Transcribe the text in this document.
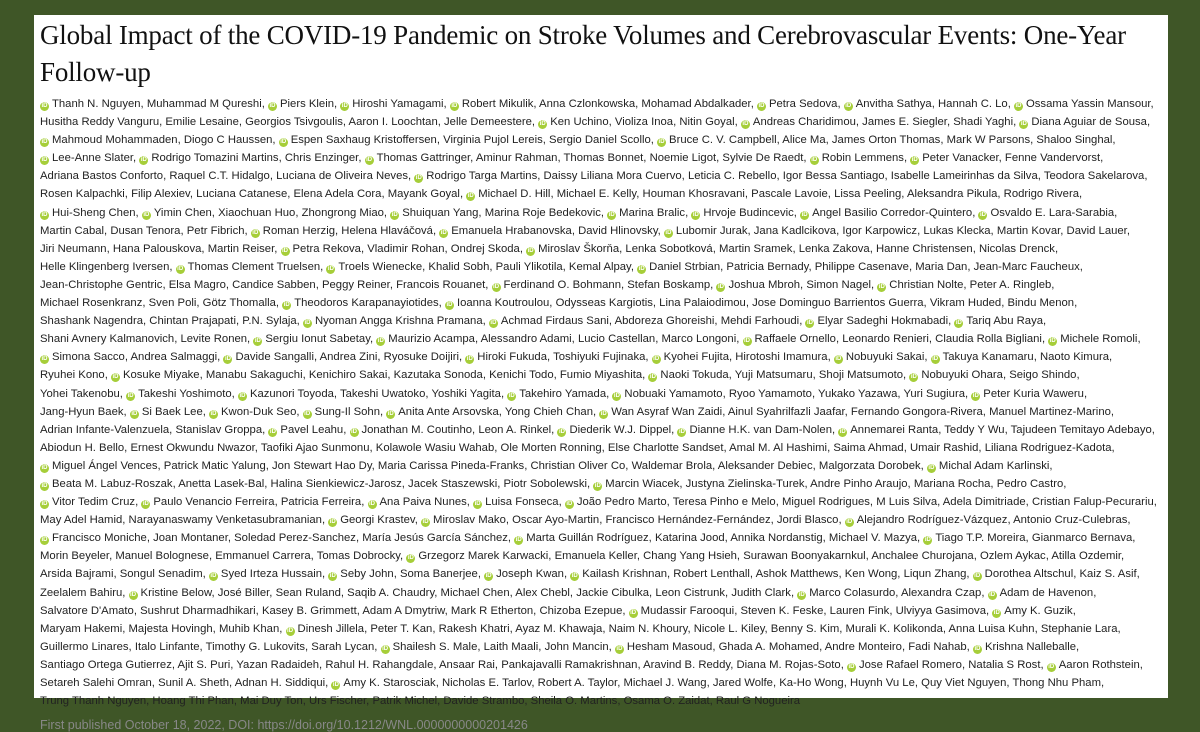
Global Impact of the COVID-19 Pandemic on Stroke Volumes and Cerebrovascular Events: One-Year Follow-up

iD Thanh N. Nguyen, Muhammad M Qureshi, iD Piers Klein, iD Hiroshi Yamagami, iD Robert Mikulik, Anna Czlonkowska, Mohamad Abdalkader, iD Petra Sedova, iD Anvitha Sathya, Hannah C. Lo, iD Ossama Yassin Mansour, Husitha Reddy Vanguru, Emilie Lesaine, Georgios Tsivgoulis, Aaron I. Loochtan, Jelle Demeestere, iD Ken Uchino, Violiza Inoa, Nitin Goyal, iD Andreas Charidimou, James E. Siegler, Shadi Yaghi, iD Diana Aguiar de Sousa, iD Mahmoud Mohammaden, Diogo C Haussen, iD Espen Saxhaug Kristoffersen, Virginia Pujol Lereis, Sergio Daniel Scollo, iD Bruce C. V. Campbell, Alice Ma, James Orton Thomas, Mark W Parsons, Shaloo Singhal, iD Lee-Anne Slater, iD Rodrigo Tomazini Martins, Chris Enzinger, iD Thomas Gattringer, Aminur Rahman, Thomas Bonnet, Noemie Ligot, Sylvie De Raedt, iD Robin Lemmens, iD Peter Vanacker, Fenne Vandervorst, Adriana Bastos Conforto, Raquel C.T. Hidalgo, Luciana de Oliveira Neves, iD Rodrigo Targa Martins, Daissy Liliana Mora Cuervo, Leticia C. Rebello, Igor Bessa Santiago, Isabelle Lameirinhas da Silva, Teodora Sakelarova, Rosen Kalpachki, Filip Alexiev, Luciana Catanese, Elena Adela Cora, Mayank Goyal, iD Michael D. Hill, Michael E. Kelly, Houman Khosravani, Pascale Lavoie, Lissa Peeling, Aleksandra Pikula, Rodrigo Rivera, iD Hui-Sheng Chen, iD Yimin Chen, Xiaochuan Huo, Zhongrong Miao, iD Shuiquan Yang, Marina Roje Bedekovic, iD Marina Bralic, iD Hrvoje Budincevic, iD Angel Basilio Corredor-Quintero, iD Osvaldo E. Lara-Sarabia, Martin Cabal, Dusan Tenora, Petr Fibrich, iD Roman Herzig, Helena Hlaváčová, iD Emanuela Hrabanovska, David Hlinovsky, iD Lubomir Jurak, Jana Kadlcikova, Igor Karpowicz, Lukas Klecka, Martin Kovar, David Lauer, Jiri Neumann, Hana Palouskova, Martin Reiser, iD Petra Rekova, Vladimir Rohan, Ondrej Skoda, iD Miroslav Škorňa, Lenka Sobotková, Martin Sramek, Lenka Zakova, Hanne Christensen, Nicolas Drenck, Helle Klingenberg Iversen, iD Thomas Clement Truelsen, iD Troels Wienecke, Khalid Sobh, Pauli Ylikotila, Kemal Alpay, iD Daniel Strbian, Patricia Bernady, Philippe Casenave, Maria Dan, Jean-Marc Faucheux, Jean-Christophe Gentric, Elsa Magro, Candice Sabben, Peggy Reiner, Francois Rouanet, iD Ferdinand O. Bohmann, Stefan Boskamp, iD Joshua Mbroh, Simon Nagel, iD Christian Nolte, Peter A. Ringleb, Michael Rosenkranz, Sven Poli, Götz Thomalla, iD Theodoros Karapanayiotides, iD Ioanna Koutroulou, Odysseas Kargiotis, Lina Palaiodimou, Jose Dominguo Barrientos Guerra, Vikram Huded, Bindu Menon, Shashank Nagendra, Chintan Prajapati, P.N. Sylaja, iD Nyoman Angga Krishna Pramana, iD Achmad Firdaus Sani, Abdoreza Ghoreishi, Mehdi Farhoudi, iD Elyar Sadeghi Hokmabadi, iD Tariq Abu Raya, Shani Avnery Kalmanovich, Levite Ronen, iD Sergiu Ionut Sabetay, iD Maurizio Acampa, Alessandro Adami, Lucio Castellan, Marco Longoni, iD Raffaele Ornello, Leonardo Renieri, Claudia Rolla Bigliani, iD Michele Romoli, iD Simona Sacco, Andrea Salmaggi, iD Davide Sangalli, Andrea Zini, Ryosuke Doijiri, iD Hiroki Fukuda, Toshiyuki Fujinaka, iD Kyohei Fujita, Hirotoshi Imamura, iD Nobuyuki Sakai, iD Takuya Kanamaru, Naoto Kimura, Ryuhei Kono, iD Kosuke Miyake, Manabu Sakaguchi, Kenichiro Sakai, Kazutaka Sonoda, Kenichi Todo, Fumio Miyashita, iD Naoki Tokuda, Yuji Matsumaru, Shoji Matsumoto, iD Nobuyuki Ohara, Seigo Shindo, Yohei Takenobu, iD Takeshi Yoshimoto, iD Kazunori Toyoda, Takeshi Uwatoko, Yoshiki Yagita, iD Takehiro Yamada, iD Nobuaki Yamamoto, Ryoo Yamamoto, Yukako Yazawa, Yuri Sugiura, iD Peter Kuria Waweru, Jang-Hyun Baek, iD Si Baek Lee, iD Kwon-Duk Seo, iD Sung-Il Sohn, iD Anita Ante Arsovska, Yong Chieh Chan, iD Wan Asyraf Wan Zaidi, Ainul Syahrilfazli Jaafar, Fernando Gongora-Rivera, Manuel Martinez-Marino, Adrian Infante-Valenzuela, Stanislav Groppa, iD Pavel Leahu, iD Jonathan M. Coutinho, Leon A. Rinkel, iD Diederik W.J. Dippel, iD Dianne H.K. van Dam-Nolen, iD Annemarei Ranta, Teddy Y Wu, Tajudeen Temitayo Adebayo, Abiodun H. Bello, Ernest Okwundu Nwazor, Taofiki Ajao Sunmonu, Kolawole Wasiu Wahab, Ole Morten Ronning, Else Charlotte Sandset, Amal M. Al Hashimi, Saima Ahmad, Umair Rashid, Liliana Rodriguez-Kadota, iD Miguel Ángel Vences, Patrick Matic Yalung, Jon Stewart Hao Dy, Maria Carissa Pineda-Franks, Christian Oliver Co, Waldemar Brola, Aleksander Debiec, Malgorzata Dorobek, iD Michal Adam Karlinski, iD Beata M. Labuz-Roszak, Anetta Lasek-Bal, Halina Sienkiewicz-Jarosz, Jacek Staszewski, Piotr Sobolewski, iD Marcin Wiacek, Justyna Zielinska-Turek, Andre Pinho Araujo, Mariana Rocha, Pedro Castro, iD Vitor Tedim Cruz, iD Paulo Venancio Ferreira, Patricia Ferreira, iD Ana Paiva Nunes, iD Luisa Fonseca, iD João Pedro Marto, Teresa Pinho e Melo, Miguel Rodrigues, M Luis Silva, Adela Dimitriade, Cristian Falup-Pecurariu, May Adel Hamid, Narayanaswamy Venketasubramanian, iD Georgi Krastev, iD Miroslav Mako, Oscar Ayo-Martin, Francisco Hernández-Fernández, Jordi Blasco, iD Alejandro Rodríguez-Vázquez, Antonio Cruz-Culebras, iD Francisco Moniche, Joan Montaner, Soledad Perez-Sanchez, María Jesús García Sánchez, iD Marta Guillán Rodríguez, Katarina Jood, Annika Nordanstig, Michael V. Mazya, iD Tiago T.P. Moreira, Gianmarco Bernava, Morin Beyeler, Manuel Bolognese, Emmanuel Carrera, Tomas Dobrocky, iD Grzegorz Marek Karwacki, Emanuela Keller, Chang Yang Hsieh, Surawan Boonyakarnkul, Anchalee Churojana, Ozlem Aykac, Atilla Ozdemir, Arsida Bajrami, Songul Senadim, iD Syed Irteza Hussain, iD Seby John, Soma Banerjee, iD Joseph Kwan, iD Kailash Krishnan, Robert Lenthall, Ashok Matthews, Ken Wong, Liqun Zhang, iD Dorothea Altschul, Kaiz S. Asif, Zeelalem Bahiru, iD Kristine Below, José Biller, Sean Ruland, Saqib A. Chaudry, Michael Chen, Alex Chebl, Jackie Cibulka, Leon Cistrunk, Judith Clark, iD Marco Colasurdo, Alexandra Czap, iD Adam de Havenon, Salvatore D'Amato, Sushrut Dharmadhikari, Kasey B. Grimmett, Adam A Dmytriw, Mark R Etherton, Chizoba Ezepue, iD Mudassir Farooqui, Steven K. Feske, Lauren Fink, Ulviyya Gasimova, iD Amy K. Guzik, Maryam Hakemi, Majesta Hovingh, Muhib Khan, iD Dinesh Jillela, Peter T. Kan, Rakesh Khatri, Ayaz M. Khawaja, Naim N. Khoury, Nicole L. Kiley, Benny S. Kim, Murali K. Kolikonda, Anna Luisa Kuhn, Stephanie Lara, Guillermo Linares, Italo Linfante, Timothy G. Lukovits, Sarah Lycan, iD Shailesh S. Male, Laith Maali, John Mancin, iD Hesham Masoud, Ghada A. Mohamed, Andre Monteiro, Fadi Nahab, iD Krishna Nalleballe, Santiago Ortega Gutierrez, Ajit S. Puri, Yazan Radaideh, Rahul H. Rahangdale, Ansaar Rai, Pankajavalli Ramakrishnan, Aravind B. Reddy, Diana M. Rojas-Soto, iD Jose Rafael Romero, Natalia S Rost, iD Aaron Rothstein, Setareh Salehi Omran, Sunil A. Sheth, Adnan H. Siddiqui, iD Amy K. Starosciak, Nicholas E. Tarlov, Robert A. Taylor, Michael J. Wang, Jared Wolfe, Ka-Ho Wong, Huynh Vu Le, Quy Viet Nguyen, Thong Nhu Pham, Trung Thanh Nguyen, Hoang Thi Phan, Mai Duy Ton, Urs Fischer, Patrik Michel, Davide Strambo, Sheila O. Martins, Osama O. Zaidat, Raul G Nogueira

First published October 18, 2022, DOI: https://doi.org/10.1212/WNL.0000000000201426
